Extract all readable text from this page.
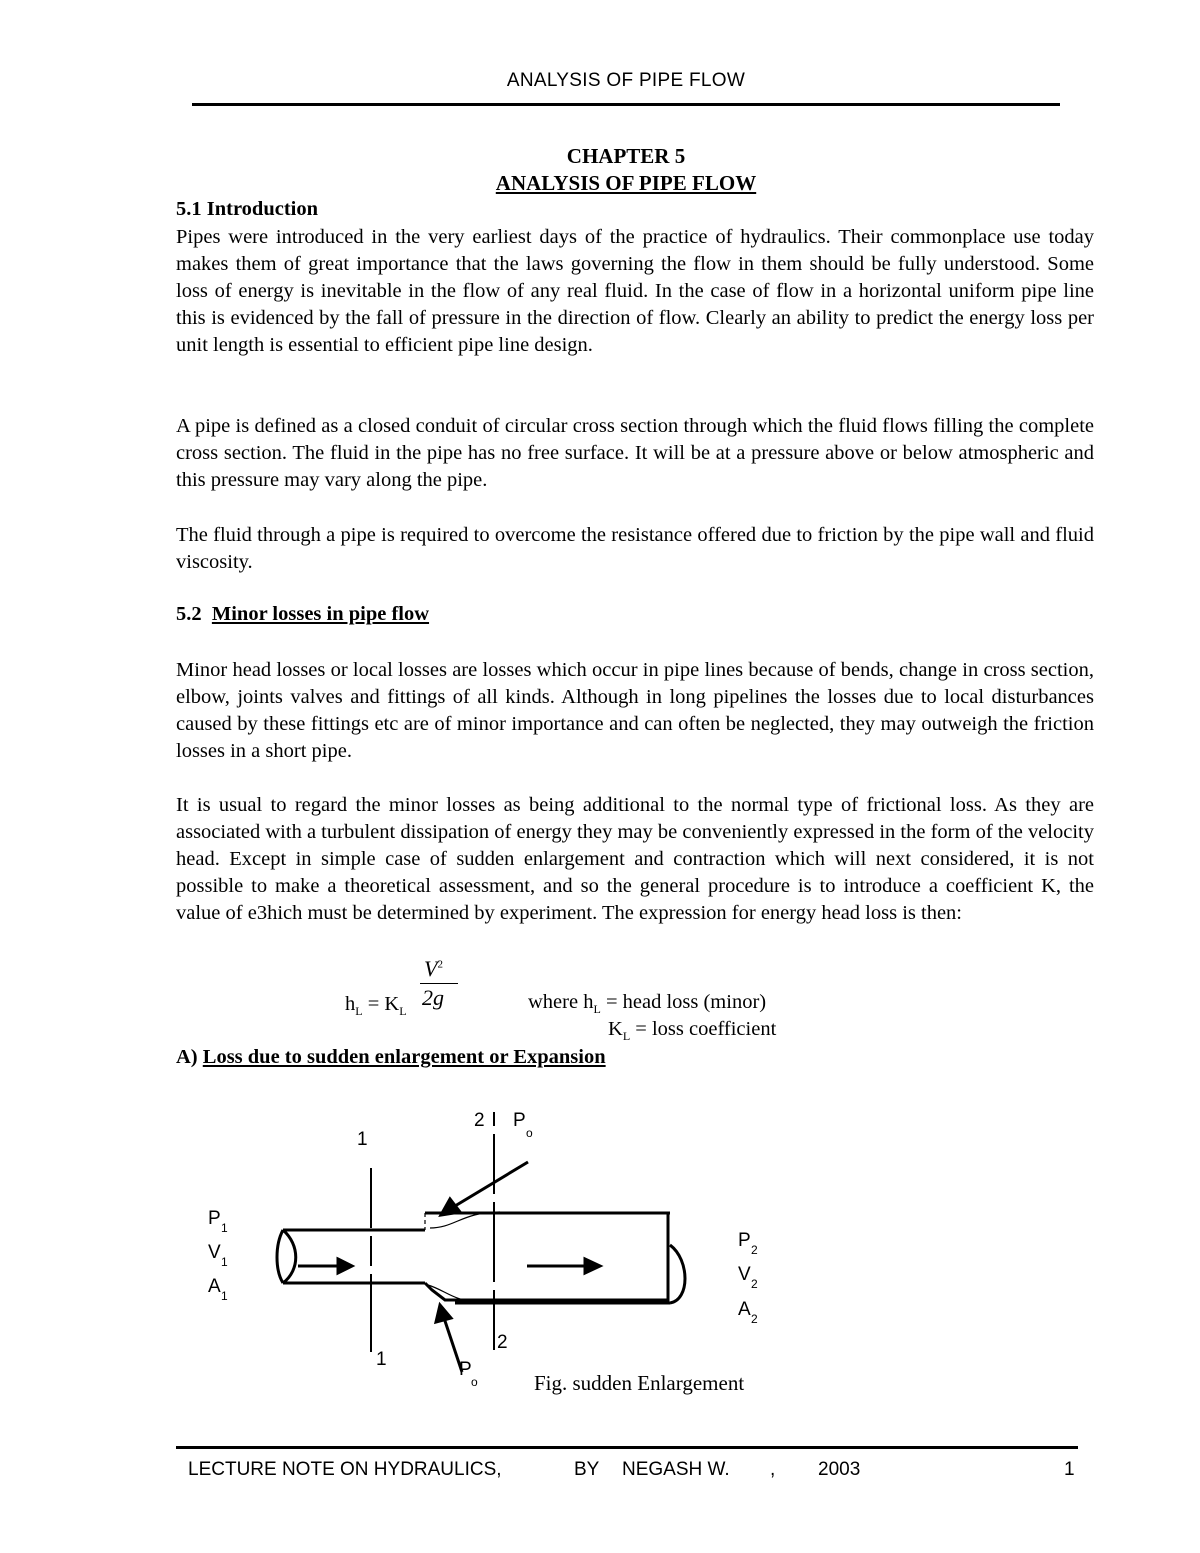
ANALYSIS OF PIPE FLOW
CHAPTER 5
ANALYSIS OF PIPE FLOW
5.1 Introduction

Pipes were introduced in the very earliest days of the practice of hydraulics. Their commonplace use today makes them of great importance that the laws governing the flow in them should be fully understood. Some loss of energy is inevitable in the flow of any real fluid. In the case of flow in a horizontal uniform pipe line this is evidenced by the fall of pressure in the direction of flow. Clearly an ability to predict the energy loss per unit length is essential to efficient pipe line design.

A pipe is defined as a closed conduit of circular cross section through which the fluid flows filling the complete cross section. The fluid in the pipe has no free surface. It will be at a pressure above or below atmospheric and this pressure may vary along the pipe.

The fluid through a pipe is required to overcome the resistance offered due to friction by the pipe wall and fluid viscosity.

5.2 Minor losses in pipe flow

Minor head losses or local losses are losses which occur in pipe lines because of bends, change in cross section, elbow, joints valves and fittings of all kinds. Although in long pipelines the losses due to local disturbances caused by these fittings etc are of minor importance and can often be neglected, they may outweigh the friction losses in a short pipe.

It is usual to regard the minor losses as being additional to the normal type of frictional loss. As they are associated with a turbulent dissipation of energy they may be conveniently expressed in the form of the velocity head. Except in simple case of sudden enlargement and contraction which will next considered, it is not possible to make a theoretical assessment, and so the general procedure is to introduce a coefficient K, the value of e3hich must be determined by experiment. The expression for energy head loss is then:

$V^2$
2g
$h_L = K_L$	where $h_L$ = head loss (minor)
$K_L$ = loss coefficient
A) Loss due to sudden enlargement or Expansion
1
1
2
2
P
o
P
o
P 1
V 1
A 1
P 2
V 2
A 2
Fig. sudden Enlargement
LECTURE NOTE ON HYDRAULICS,	BY NEGASH W. , 2003	1
